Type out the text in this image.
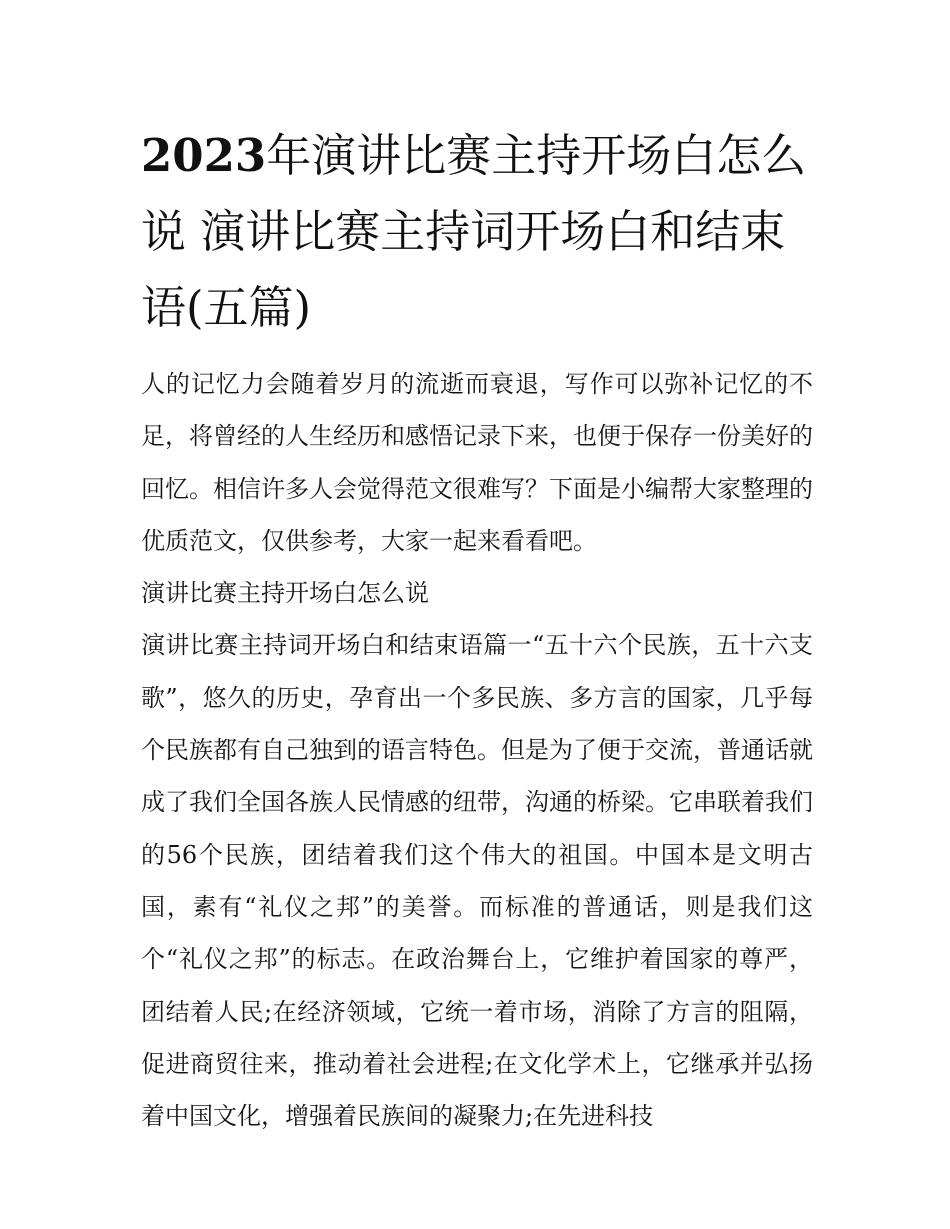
2023年演讲比赛主持开场白怎么说 演讲比赛主持词开场白和结束语(五篇)

人的记忆力会随着岁月的流逝而衰退，写作可以弥补记忆的不足，将曾经的人生经历和感悟记录下来，也便于保存一份美好的回忆。相信许多人会觉得范文很难写？下面是小编帮大家整理的优质范文，仅供参考，大家一起来看看吧。

演讲比赛主持开场白怎么说

演讲比赛主持词开场白和结束语篇一“五十六个民族，五十六支歌”，悠久的历史，孕育出一个多民族、多方言的国家，几乎每个民族都有自己独到的语言特色。但是为了便于交流，普通话就成了我们全国各族人民情感的纽带，沟通的桥梁。它串联着我们的56个民族，团结着我们这个伟大的祖国。中国本是文明古国，素有“礼仪之邦”的美誉。而标准的普通话，则是我们这个“礼仪之邦”的标志。在政治舞台上，它维护着国家的尊严，团结着人民;在经济领域，它统一着市场，消除了方言的阻隔，促进商贸往来，推动着社会进程;在文化学术上，它继承并弘扬着中国文化，增强着民族间的凝聚力;在先进科技
